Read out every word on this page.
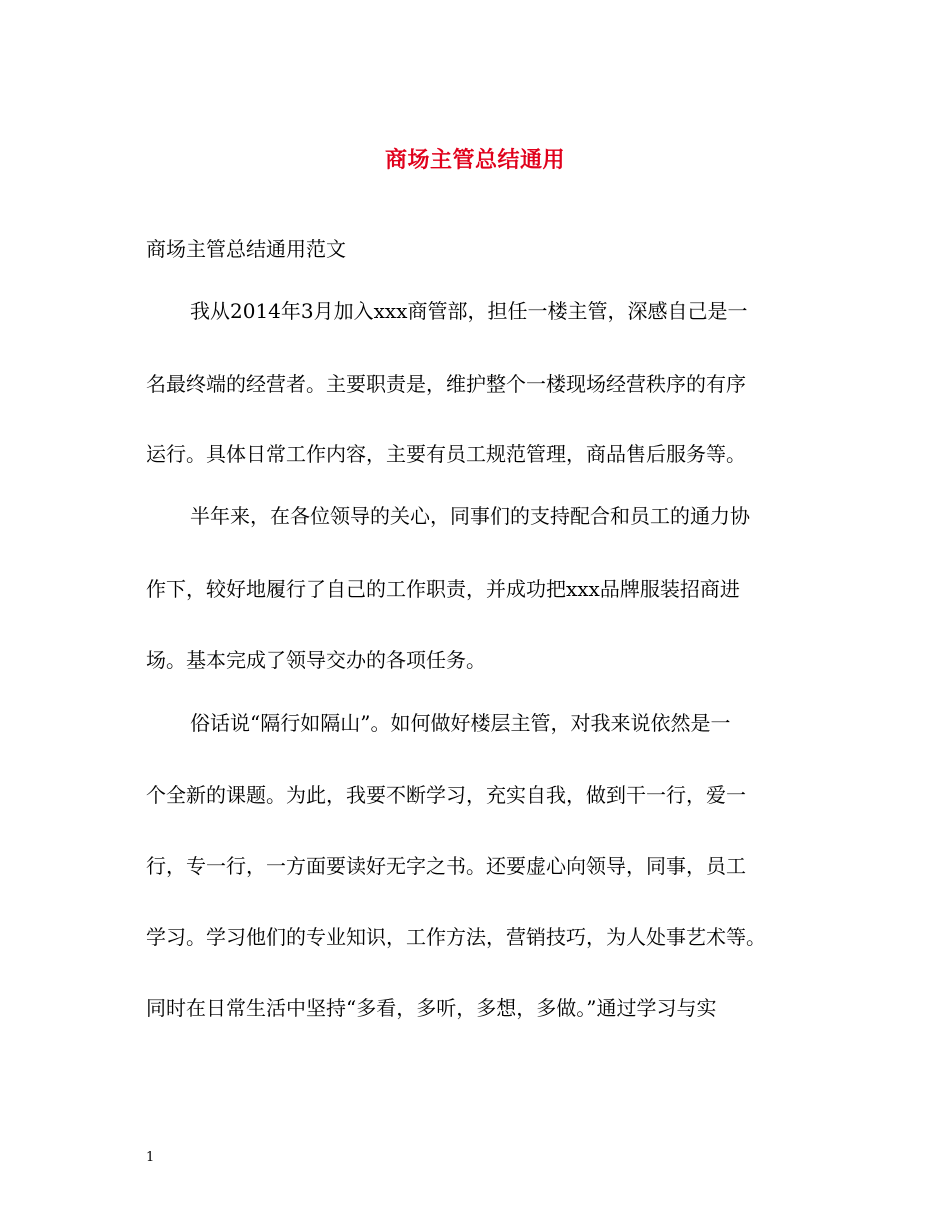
商场主管总结通用
商场主管总结通用范文
我从2014年3月加入xxx商管部，担任一楼主管，深感自己是一
名最终端的经营者。主要职责是，维护整个一楼现场经营秩序的有序
运行。具体日常工作内容，主要有员工规范管理，商品售后服务等。
半年来，在各位领导的关心，同事们的支持配合和员工的通力协
作下，较好地履行了自己的工作职责，并成功把xxx品牌服装招商进
场。基本完成了领导交办的各项任务。
俗话说“隔行如隔山”。如何做好楼层主管，对我来说依然是一
个全新的课题。为此，我要不断学习，充实自我，做到干一行，爱一
行，专一行，一方面要读好无字之书。还要虚心向领导，同事，员工
学习。学习他们的专业知识，工作方法，营销技巧，为人处事艺术等。
同时在日常生活中坚持“多看，多听，多想，多做。”通过学习与实
1
